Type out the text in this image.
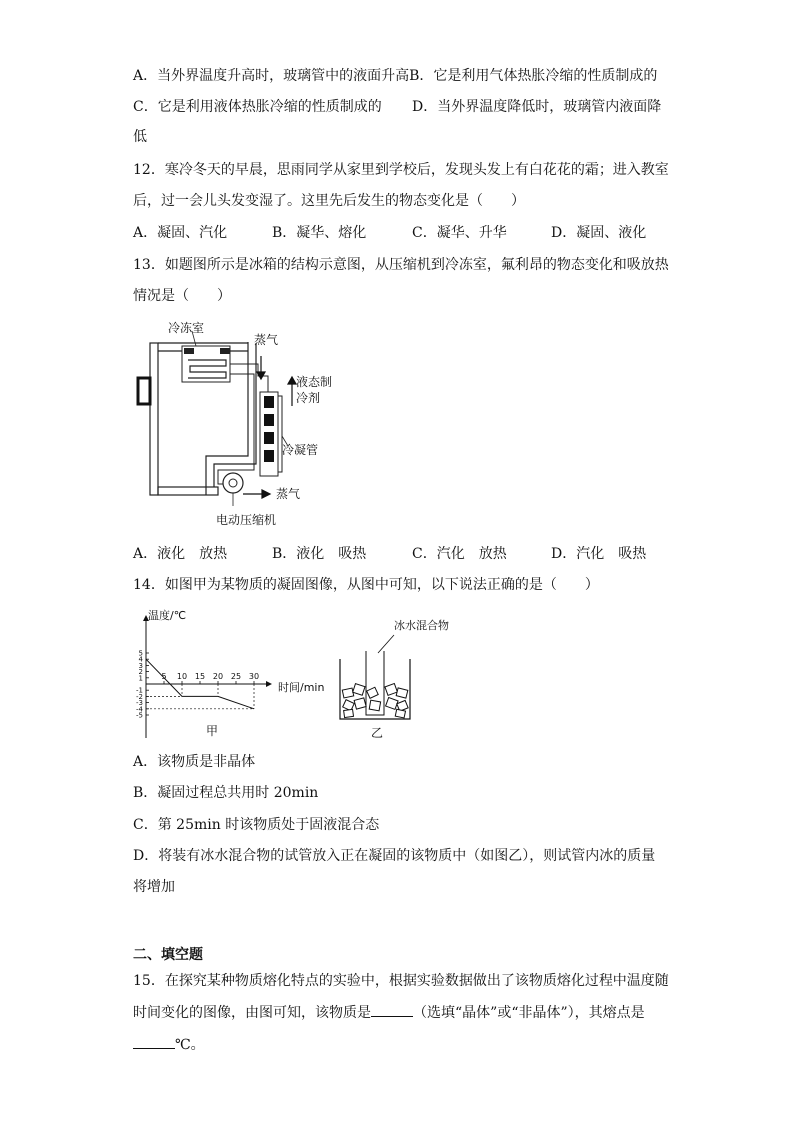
A．当外界温度升高时，玻璃管中的液面升高B．它是利用气体热胀冷缩的性质制成的
C．它是利用液体热胀冷缩的性质制成的 D．当外界温度降低时，玻璃管内液面降
低
12．寒冷冬天的早晨，思雨同学从家里到学校后，发现头发上有白花花的霜；进入教室
后，过一会儿头发变湿了。这里先后发生的物态变化是（　　）
A．凝固、汽化	B．凝华、熔化	C．凝华、升华	D．凝固、液化
13．如题图所示是冰箱的结构示意图，从压缩机到冷冻室，氟利昂的物态变化和吸放热
情况是（　　）
冷冻室
蒸气
液态制
冷剂
冷凝管
蒸气
电动压缩机
A．液化　放热	B．液化　吸热	C．汽化　放热	D．汽化　吸热
14．如图甲为某物质的凝固图像，从图中可知，以下说法正确的是（　　）
温度/℃
时间/min
5
4
3
2
1
-1
-2
-3
-4
-5
5 10 15 20 25 30
甲
冰水混合物
乙
A．该物质是非晶体
B．凝固过程总共用时 20min
C．第 25min 时该物质处于固液混合态
D．将装有冰水混合物的试管放入正在凝固的该物质中（如图乙），则试管内冰的质量
将增加
二、填空题
15．在探究某种物质熔化特点的实验中，根据实验数据做出了该物质熔化过程中温度随
时间变化的图像，由图可知，该物质是	（选填“晶体”或“非晶体”），其熔点是
℃。
